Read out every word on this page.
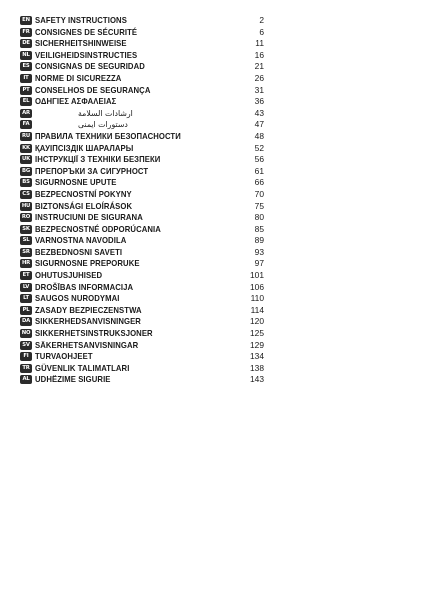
EN SAFETY INSTRUCTIONS	2
FR CONSIGNES DE SÉCURITÉ	6
DE SICHERHEITSHINWEISE	11
NL VEILIGHEIDSINSTRUCTIES	16
ES CONSIGNAS DE SEGURIDAD	21
IT NORME DI SICUREZZA	26
PT CONSELHOS DE SEGURANÇA	31
EL ΟΔΗΓΙΕΣ ΑΣΦΑΛΕΙΑΣ	36
AR	ارشادات السلامة	43
FA	دستورات ایمنی	47
RU ПРАВИЛА ТЕХНИКИ БЕЗОПАСНОСТИ	48
KK ҚАУІПСІЗДІК ШАРАЛАРЫ	52
UK ІНСТРУКЦІЇ З ТЕХНІКИ БЕЗПЕКИ	56
BG ПРЕПОРЪКИ ЗА СИГУРНОСТ	61
BS SIGURNOSNE UPUTE	66
CS BEZPECNOSTNÍ POKYNY	70
HU BIZTONSÁGI ELOÍRÁSOK	75
RO INSTRUCIUNI DE SIGURANA	80
SK BEZPECNOSTNÉ ODPORÚCANIA	85
SL VARNOSTNA NAVODILA	89
SR BEZBEDNOSNI SAVETI	93
HR SIGURNOSNE PREPORUKE	97
ET OHUTUSJUHISED	101
LV DROŠĪBAS INFORMACIJA	106
LT SAUGOS NURODYMAI	110
PL ZASADY BEZPIECZENSTWA	114
DA SIKKERHEDSANVISNINGER	120
NO SIKKERHETSINSTRUKSJONER	125
SV SÄKERHETSANVISNINGAR	129
FI TURVAOHJEET	134
TR GÜVENLIK TALIMATLARI	138
AL UDHËZIME SIGURIE	143
